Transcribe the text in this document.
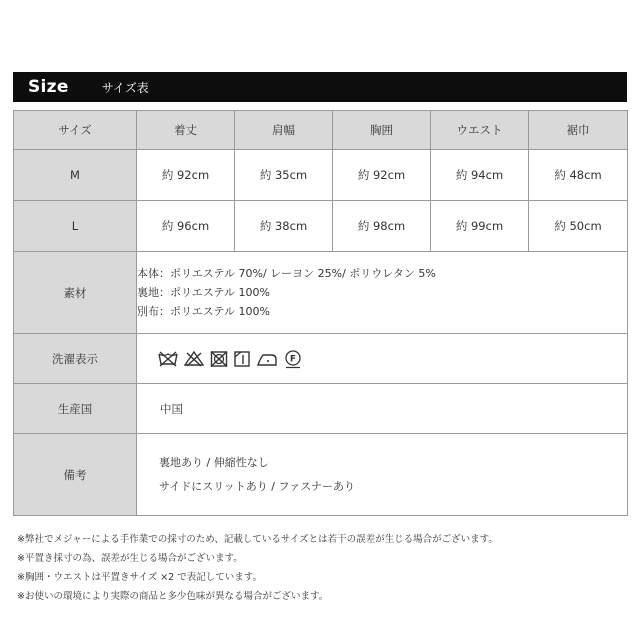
Size	サイズ表
サイズ	着丈	肩幅	胸囲	ウエスト	裾巾
M	約 92cm	約 35cm	約 92cm	約 94cm	約 48cm
L	約 96cm	約 38cm	約 98cm	約 99cm	約 50cm
素材	本体：ポリエステル 70%/ レーヨン 25%/ ポリウレタン 5%
裏地：ポリエステル 100%
別布：ポリエステル 100%				

洗濯表示	F				

生産国	中国				
備考	裏地あり / 伸縮性なし
サイドにスリットあり / ファスナーあり				
※弊社でメジャーによる手作業での採寸のため、記載しているサイズとは若干の誤差が生じる場合がございます。
※平置き採寸の為、誤差が生じる場合がございます。
※胸囲・ウエストは平置きサイズ ×2 で表記しています。
※お使いの環境により実際の商品と多少色味が異なる場合がございます。
